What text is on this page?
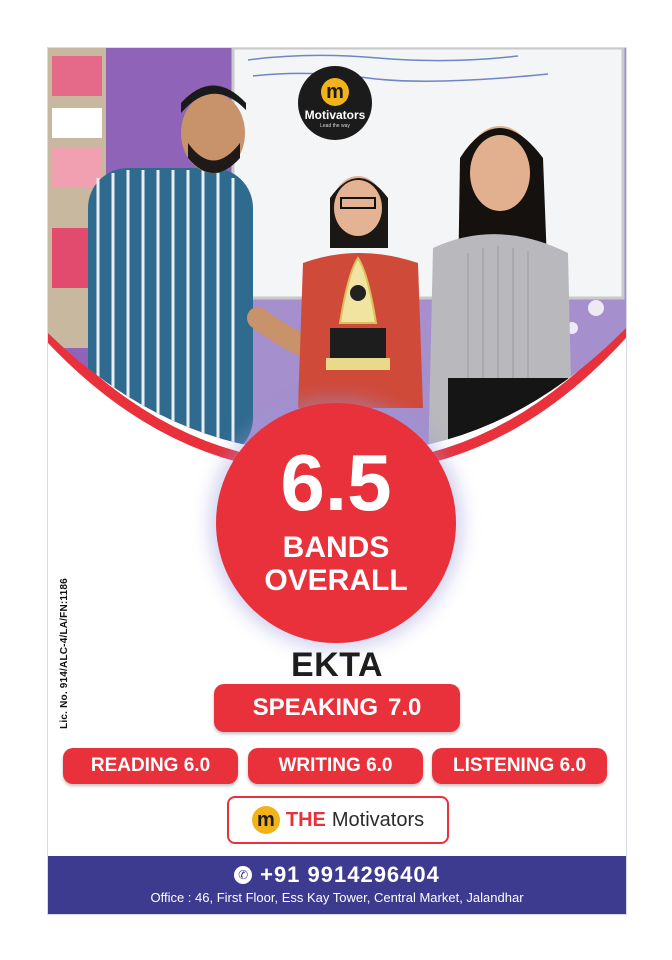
m
Motivators
Lead the way
Lic. No. 914/ALC-4/LA/FN:1186
6.5
BANDS
OVERALL
EKTA
SPEAKING 7.0
READING 6.0	WRITING 6.0	LISTENING 6.0
m THE Motivators
✆ +91 9914296404
Office : 46, First Floor, Ess Kay Tower, Central Market, Jalandhar
